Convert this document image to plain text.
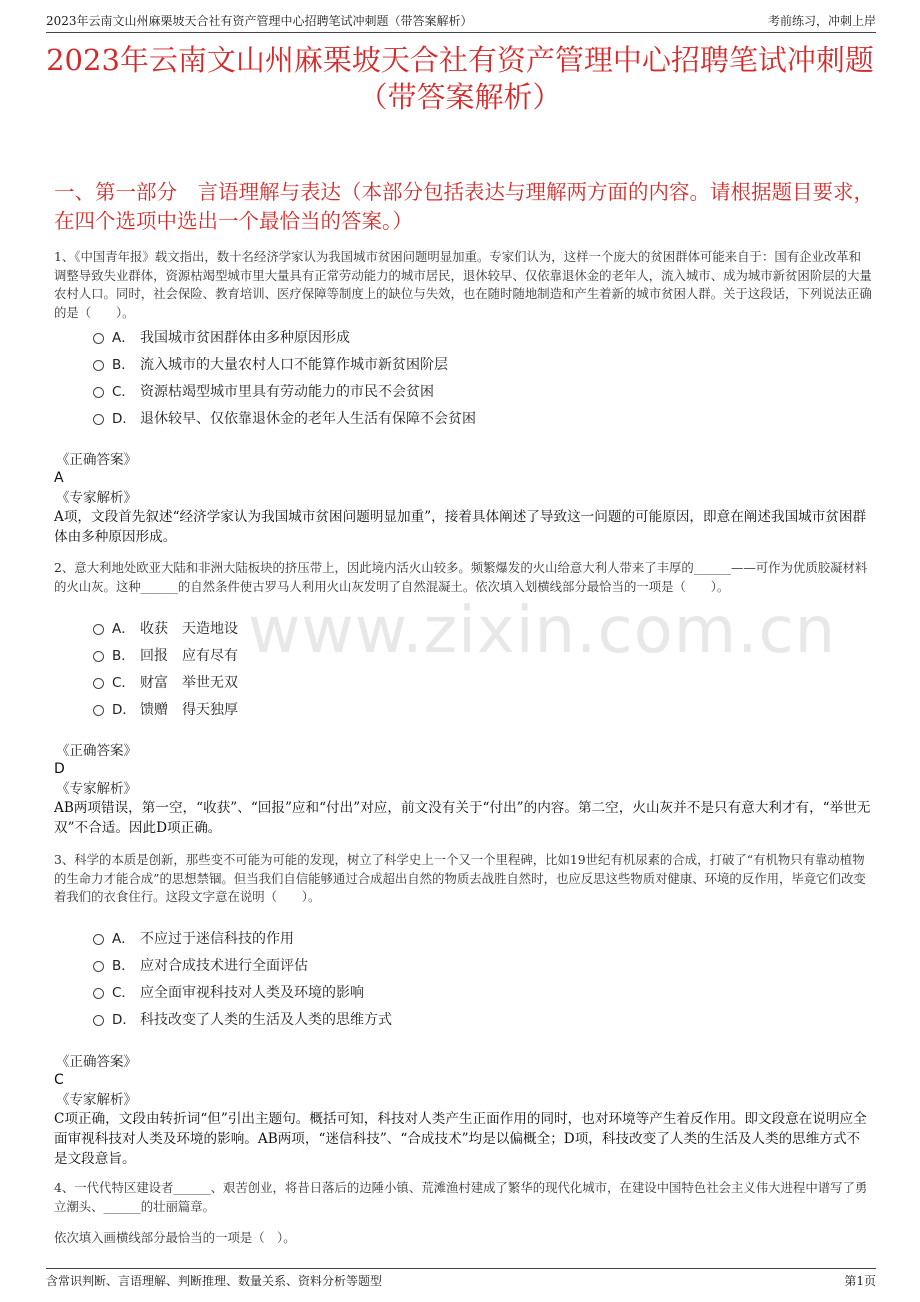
2023年云南文山州麻栗坡天合社有资产管理中心招聘笔试冲刺题（带答案解析）	考前练习，冲刺上岸
2023年云南文山州麻栗坡天合社有资产管理中心招聘笔试冲刺题（带答案解析）
一、第一部分　言语理解与表达（本部分包括表达与理解两方面的内容。请根据题目要求，在四个选项中选出一个最恰当的答案。）
www.zixin.com.cn
1、《中国青年报》载文指出，数十名经济学家认为我国城市贫困问题明显加重。专家们认为，这样一个庞大的贫困群体可能来自于：国有企业改革和调整导致失业群体，资源枯竭型城市里大量具有正常劳动能力的城市居民，退休较早、仅依靠退休金的老年人，流入城市、成为城市新贫困阶层的大量农村人口。同时，社会保险、教育培训、医疗保障等制度上的缺位与失效，也在随时随地制造和产生着新的城市贫困人群。关于这段话，下列说法正确的是（　　）。
A． 我国城市贫困群体由多种原因形成
B． 流入城市的大量农村人口不能算作城市新贫困阶层
C． 资源枯竭型城市里具有劳动能力的市民不会贫困
D． 退休较早、仅依靠退休金的老年人生活有保障不会贫困
《正确答案》
A
《专家解析》
A项，文段首先叙述“经济学家认为我国城市贫困问题明显加重”，接着具体阐述了导致这一问题的可能原因，即意在阐述我国城市贫困群体由多种原因形成。
2、意大利地处欧亚大陆和非洲大陆板块的挤压带上，因此境内活火山较多。频繁爆发的火山给意大利人带来了丰厚的______——可作为优质胶凝材料的火山灰。这种______的自然条件使古罗马人利用火山灰发明了自然混凝土。依次填入划横线部分最恰当的一项是（　　）。
A． 收获　天造地设
B． 回报　应有尽有
C． 财富　举世无双
D． 馈赠　得天独厚
《正确答案》
D
《专家解析》
AB两项错误，第一空，“收获”、“回报”应和“付出”对应，前文没有关于“付出”的内容。第二空，火山灰并不是只有意大利才有，“举世无双”不合适。因此D项正确。
3、科学的本质是创新，那些变不可能为可能的发现，树立了科学史上一个又一个里程碑，比如19世纪有机尿素的合成，打破了“有机物只有靠动植物的生命力才能合成”的思想禁锢。但当我们自信能够通过合成超出自然的物质去战胜自然时，也应反思这些物质对健康、环境的反作用，毕竟它们改变着我们的衣食住行。这段文字意在说明（　　）。
A． 不应过于迷信科技的作用
B． 应对合成技术进行全面评估
C． 应全面审视科技对人类及环境的影响
D． 科技改变了人类的生活及人类的思维方式
《正确答案》
C
《专家解析》
C项正确，文段由转折词“但”引出主题句。概括可知，科技对人类产生正面作用的同时，也对环境等产生着反作用。即文段意在说明应全面审视科技对人类及环境的影响。AB两项，“迷信科技”、“合成技术”均是以偏概全；D项，科技改变了人类的生活及人类的思维方式不是文段意旨。
4、一代代特区建设者______、艰苦创业，将昔日落后的边陲小镇、荒滩渔村建成了繁华的现代化城市，在建设中国特色社会主义伟大进程中谱写了勇立潮头、______的壮丽篇章。
依次填入画横线部分最恰当的一项是（　）。
含常识判断、言语理解、判断推理、数量关系、资料分析等题型	第1页
